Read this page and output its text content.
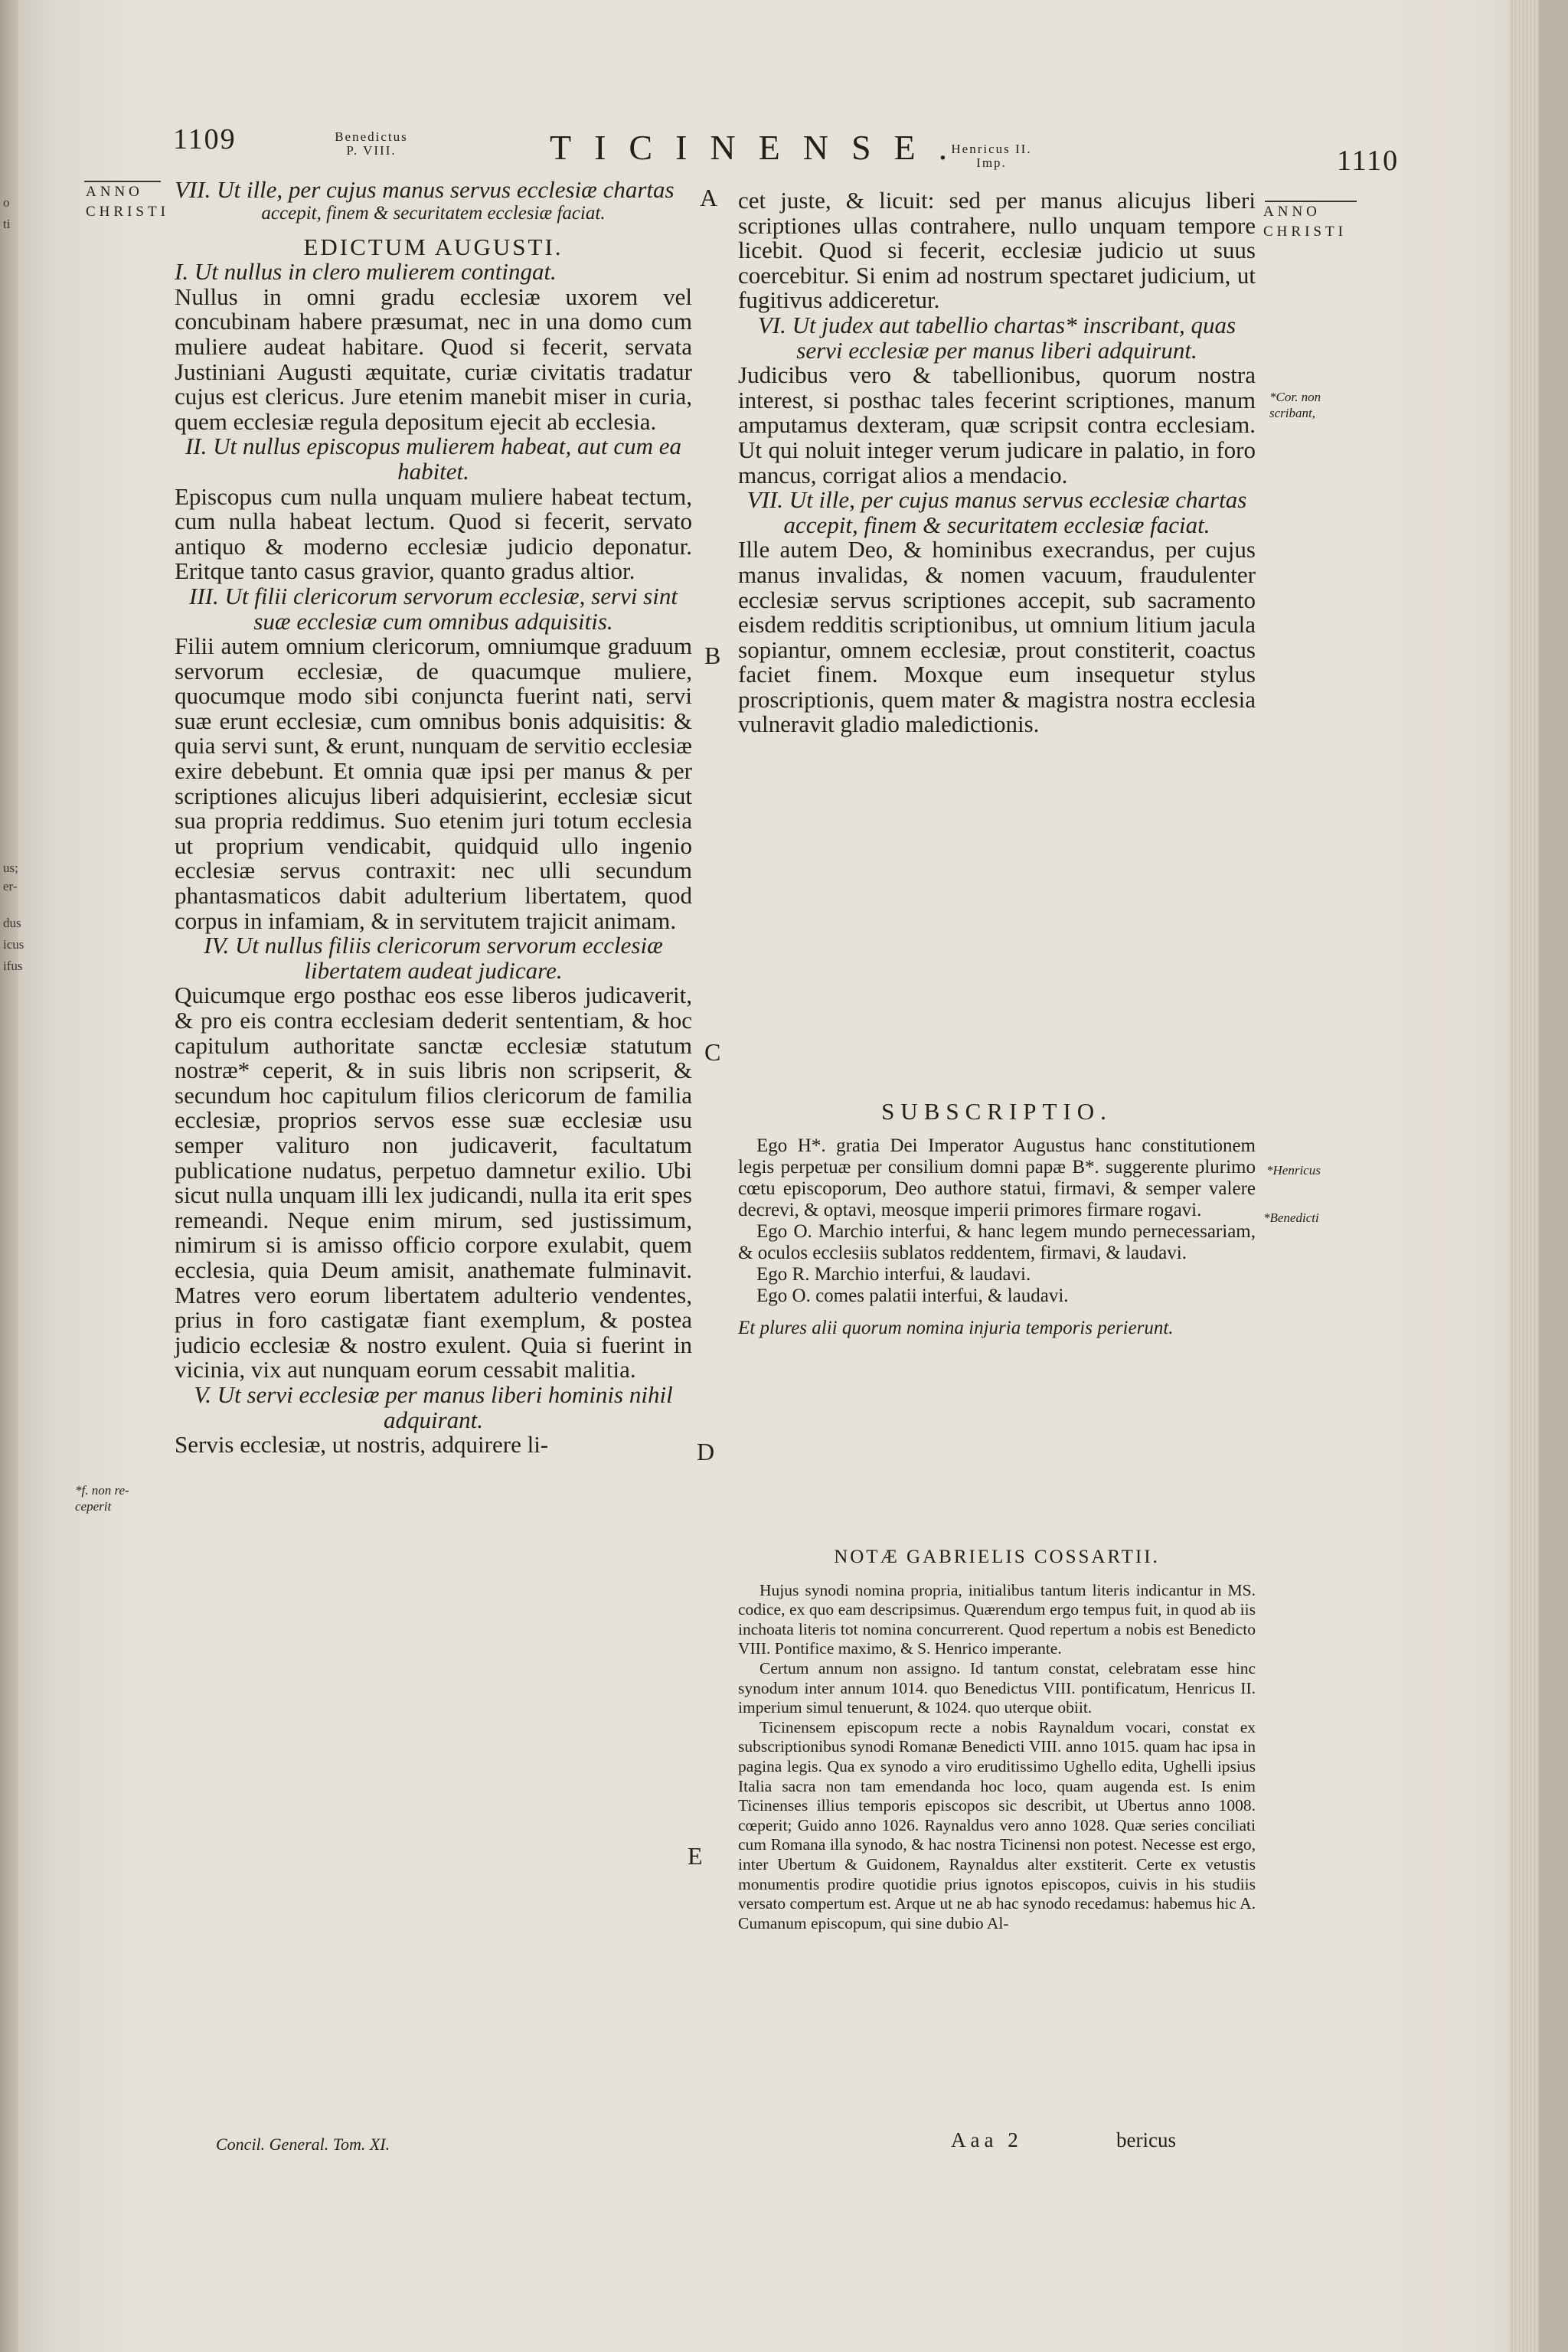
o
ti
us;
er-
dus
icus
ifus
1109	Benedictus
P. VIII.	TICINENSE.
Henricus II.
Imp.	1110
ANNO
CHRISTI	ANNO
CHRISTI

VII. Ut ille, per cujus manus servus ecclesiæ chartas

accepit, finem & securitatem ecclesiæ faciat.

EDICTUM AUGUSTI.

I. Ut nullus in clero mulierem contingat.

Nullus in omni gradu ecclesiæ uxorem vel concubinam habere præsumat, nec in una domo cum muliere audeat habitare. Quod si fecerit, servata Justiniani Augusti æquitate, curiæ civitatis tradatur cujus est clericus. Jure etenim manebit miser in curia, quem ecclesiæ regula depositum ejecit ab ecclesia.

II. Ut nullus episcopus mulierem habeat, aut cum ea habitet.

Episcopus cum nulla unquam muliere habeat tectum, cum nulla habeat lectum. Quod si fecerit, servato antiquo & moderno ecclesiæ judicio deponatur. Eritque tanto casus gravior, quanto gradus altior.

III. Ut filii clericorum servorum ecclesiæ, servi sint suæ ecclesiæ cum omnibus adquisitis.

Filii autem omnium clericorum, omniumque graduum servorum ecclesiæ, de quacumque muliere, quocumque modo sibi conjuncta fuerint nati, servi suæ erunt ecclesiæ, cum omnibus bonis adquisitis: & quia servi sunt, & erunt, nunquam de servitio ecclesiæ exire debebunt. Et omnia quæ ipsi per manus & per scriptiones alicujus liberi adquisierint, ecclesiæ sicut sua propria reddimus. Suo etenim juri totum ecclesia ut proprium vendicabit, quidquid ullo ingenio ecclesiæ servus contraxit: nec ulli secundum phantasmaticos dabit adulterium libertatem, quod corpus in infamiam, & in servitutem trajicit animam.

IV. Ut nullus filiis clericorum servorum ecclesiæ libertatem audeat judicare.

Quicumque ergo posthac eos esse liberos judicaverit, & pro eis contra ecclesiam dederit sententiam, & hoc capitulum authoritate sanctæ ecclesiæ statutum nostræ* ceperit, & in suis libris non scripserit, & secundum hoc capitulum filios clericorum de familia ecclesiæ, proprios servos esse suæ ecclesiæ usu semper valituro non judicaverit, facultatum publicatione nudatus, perpetuo damnetur exilio. Ubi sicut nulla unquam illi lex judicandi, nulla ita erit spes remeandi. Neque enim mirum, sed justissimum, nimirum si is amisso officio corpore exulabit, quem ecclesia, quia Deum amisit, anathemate fulminavit. Matres vero eorum libertatem adulterio vendentes, prius in foro castigatæ fiant exemplum, & postea judicio ecclesiæ & nostro exulent. Quia si fuerint in vicinia, vix aut nunquam eorum cessabit malitia.

V. Ut servi ecclesiæ per manus liberi hominis nihil adquirant.

Servis ecclesiæ, ut nostris, adquirere li-

A
B
C
D
E

cet juste, & licuit: sed per manus alicujus liberi scriptiones ullas contrahere, nullo unquam tempore licebit. Quod si fecerit, ecclesiæ judicio ut suus coercebitur. Si enim ad nostrum spectaret judicium, ut fugitivus addiceretur.

VI. Ut judex aut tabellio chartas* inscribant, quas servi ecclesiæ per manus liberi adquirunt.

Judicibus vero & tabellionibus, quorum nostra interest, si posthac tales fecerint scriptiones, manum amputamus dexteram, quæ scripsit contra ecclesiam. Ut qui noluit integer verum judicare in palatio, in foro mancus, corrigat alios a mendacio.

VII. Ut ille, per cujus manus servus ecclesiæ chartas accepit, finem & securitatem ecclesiæ faciat.

Ille autem Deo, & hominibus execrandus, per cujus manus invalidas, & nomen vacuum, fraudulenter ecclesiæ servus scriptiones accepit, sub sacramento eisdem redditis scriptionibus, ut omnium litium jacula sopiantur, omnem ecclesiæ, prout constiterit, coactus faciet finem. Moxque eum insequetur stylus proscriptionis, quem mater & magistra nostra ecclesia vulneravit gladio maledictionis.

SUBSCRIPTIO.

Ego H*. gratia Dei Imperator Augustus hanc constitutionem legis perpetuæ per consilium domni papæ B*. suggerente plurimo cœtu episcoporum, Deo authore statui, firmavi, & semper valere decrevi, & optavi, meosque imperii primores firmare rogavi.

Ego O. Marchio interfui, & hanc legem mundo pernecessariam, & oculos ecclesiis sublatos reddentem, firmavi, & laudavi.

Ego R. Marchio interfui, & laudavi.

Ego O. comes palatii interfui, & laudavi.

Et plures alii quorum nomina injuria temporis perierunt.

NOTÆ GABRIELIS COSSARTII.

Hujus synodi nomina propria, initialibus tantum literis indicantur in MS. codice, ex quo eam descripsimus. Quærendum ergo tempus fuit, in quod ab iis inchoata literis tot nomina concurrerent. Quod repertum a nobis est Benedicto VIII. Pontifice maximo, & S. Henrico imperante.

Certum annum non assigno. Id tantum constat, celebratam esse hinc synodum inter annum 1014. quo Benedictus VIII. pontificatum, Henricus II. imperium simul tenuerunt, & 1024. quo uterque obiit.

Ticinensem episcopum recte a nobis Raynaldum vocari, constat ex subscriptionibus synodi Romanæ Benedicti VIII. anno 1015. quam hac ipsa in pagina legis. Qua ex synodo a viro eruditissimo Ughello edita, Ughelli ipsius Italia sacra non tam emendanda hoc loco, quam augenda est. Is enim Ticinenses illius temporis episcopos sic describit, ut Ubertus anno 1008. cœperit; Guido anno 1026. Raynaldus vero anno 1028. Quæ series conciliati cum Romana illa synodo, & hac nostra Ticinensi non potest. Necesse est ergo, inter Ubertum & Guidonem, Raynaldus alter exstiterit. Certe ex vetustis monumentis prodire quotidie prius ignotos episcopos, cuivis in his studiis versato compertum est. Arque ut ne ab hac synodo recedamus: habemus hic A. Cumanum episcopum, qui sine dubio Al-

*f. non re-
ceperit
*Cor. non
scribant,
*Henricus
*Benedicti
Concil. General. Tom. XI.	Aaa 2	bericus
